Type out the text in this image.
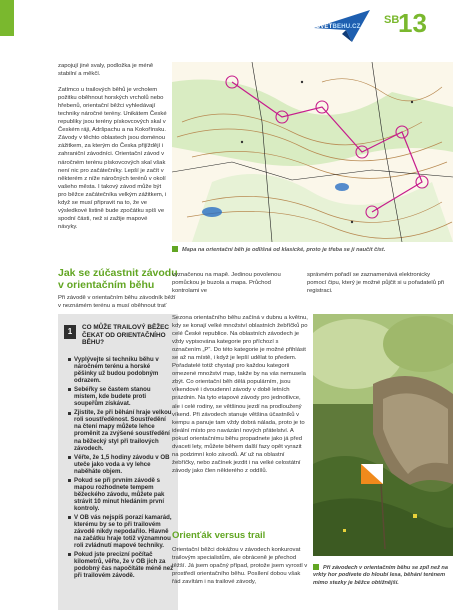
SVETBEHU.CZ
SB
13

zapojují jiné svaly, podložka je méně stabilní a měkčí.

Zatímco u trailových běhů je vrcholem požitku oběhnout horských vrcholů nebo hřebenů, orientační běžci vyhledávají techniky náročné terény. Unikátem České republiky jsou terény pískovcových skal v Českém ráji, Adršpachu a na Kokořínsku. Závody v těchto oblastech jsou doménou zážitkem, za kterým do Česka přijíždějí i zahraniční závodníci. Orientační závod v náročném terénu pískovcových skal však není nic pro začátečníky. Lepší je začít v některém z níže náročných terénů v okolí vašeho města. I takový závod může být pro běžce začátečníka velkým zážitkem, i když se musí připravit na to, že ve výsledkové listině bude zpočátku spíš ve spodní části, než si zažije mapové návyky.

Jak se zúčastnit závodu v orientačním běhu

Při závodě v orientačním běhu závodník běží v neznámém terénu a musí oběhnout trať

Mapa na orientační běh je odlišná od klasické, proto je třeba se ji naučit číst.

vyznačenou na mapě. Jedinou povolenou pomůckou je buzola a mapa. Průchod kontrolami ve

správném pořadí se zaznamenává elektronicky pomocí čipu, který je možné půjčit si u pořadatelů při registraci.

1	CO MŮŽE TRAILOVÝ BĚŽEC ČEKAT OD ORIENTAČNÍHO BĚHU?
Vyplývejte si techniku běhu v náročném terénu a horské pěšinky už budou podobným odrazem.
Sebéřky se častem stanou místem, kde budete proti soupeřům získávat.
Zjistíte, že při běhání hraje velkou roli soustředěnost. Soustředění na čtení mapy můžete lehce proměnit za zvýšené soustředění na běžecký styl při trailových závodech.
Věřte, že 1,5 hodiny závodu v OB uteče jako voda a vy lehce naběháte objem.
Pokud se při prvním závodě s mapou rozhodnete tempem běžeckého závodu, můžete pak strávit 10 minut hledáním první kontroly.
V OB vás nejspíš porazí kamarád, kterému by se to při trailovém závodě nikdy nepodařilo. Hlavně na začátku hraje totiž významnou roli zvládnutí mapové techniky.
Pokud jste precizní počítač kilometrů, věřte, že v OB jich za podobný čas napočítáte méně než při trailovém závodě.

Sezona orientačního běhu začíná v dubnu a květnu, kdy se konají velké množství oblastních žebříčků po celé České republice. Na oblastních závodech je vždy vypisována kategorie pro příchozí s označením „P“. Do této kategorie je možné přihlásit se až na místě, i když je lepší udělat to předem. Pořadatelé totiž chystají pro každou kategorii omezené množství map, takže by na vás nemusela zbýt. Co orientační běh dělá populárním, jsou víkendové i dvoudenní závody v době letních prázdnin. Na tyto etapové závody pro jednotlivce, ale i celé rodiny, se většinou jezdí na prodloužený víkend. Při závodech stanuje většina účastníků v kempu a panuje tam vždy dobrá nálada, proto je to ideální místo pro navázání nových přátelství. A pokud orientačnímu běhu propadnete jako já před dvaceti lety, můžete během další fazy opět vyrazit na podzimní kolo závodů. Ať už na oblastní žebříčky, nebo začínek jezdit i na velké celostátní závody jako člen některého z oddílů.

Orienťák versus trail

Orientační běžci dokážou v závodech konkurovat trailovým specialistům, ale obráceně je přechod těžší. Já jsem opačný případ, protože jsem vyrostl v prostředí orientačního běhu. Posílení dobou však řád zavítám i na trailové závody,

Při závodech v orientačním běhu se zpíl než na vrkty hor podívete do hloubí lesa, běhání terénem mimo stezky je běžce obtížnější.
